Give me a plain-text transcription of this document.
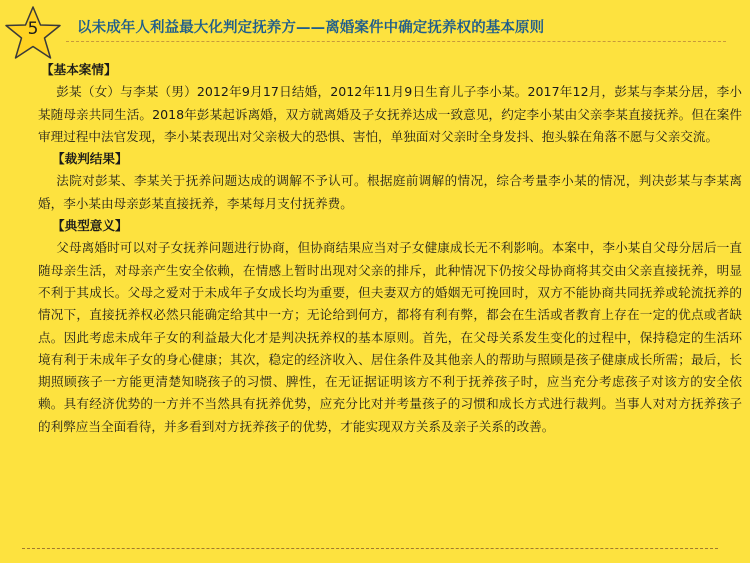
5	以未成年人利益最大化判定抚养方——离婚案件中确定抚养权的基本原则
【基本案情】

彭某（女）与李某（男）2012年9月17日结婚，2012年11月9日生育儿子李小某。2017年12月，彭某与李某分居，李小某随母亲共同生活。2018年彭某起诉离婚，双方就离婚及子女抚养达成一致意见，约定李小某由父亲李某直接抚养。但在案件审理过程中法官发现，李小某表现出对父亲极大的恐惧、害怕，单独面对父亲时全身发抖、抱头躲在角落不愿与父亲交流。

【裁判结果】

法院对彭某、李某关于抚养问题达成的调解不予认可。根据庭前调解的情况，综合考量李小某的情况，判决彭某与李某离婚，李小某由母亲彭某直接抚养，李某每月支付抚养费。

【典型意义】

父母离婚时可以对子女抚养问题进行协商，但协商结果应当对子女健康成长无不利影响。本案中，李小某自父母分居后一直随母亲生活，对母亲产生安全依赖，在情感上暂时出现对父亲的排斥，此种情况下仍按父母协商将其交由父亲直接抚养，明显不利于其成长。父母之爱对于未成年子女成长均为重要，但夫妻双方的婚姻无可挽回时，双方不能协商共同抚养或轮流抚养的情况下，直接抚养权必然只能确定给其中一方；无论给到何方，都将有利有弊，都会在生活或者教育上存在一定的优点或者缺点。因此考虑未成年子女的利益最大化才是判决抚养权的基本原则。首先，在父母关系发生变化的过程中，保持稳定的生活环境有利于未成年子女的身心健康；其次，稳定的经济收入、居住条件及其他亲人的帮助与照顾是孩子健康成长所需；最后，长期照顾孩子一方能更清楚知晓孩子的习惯、脾性，在无证据证明该方不利于抚养孩子时，应当充分考虑孩子对该方的安全依赖。具有经济优势的一方并不当然具有抚养优势，应充分比对并考量孩子的习惯和成长方式进行裁判。当事人对对方抚养孩子的利弊应当全面看待，并多看到对方抚养孩子的优势，才能实现双方关系及亲子关系的改善。
